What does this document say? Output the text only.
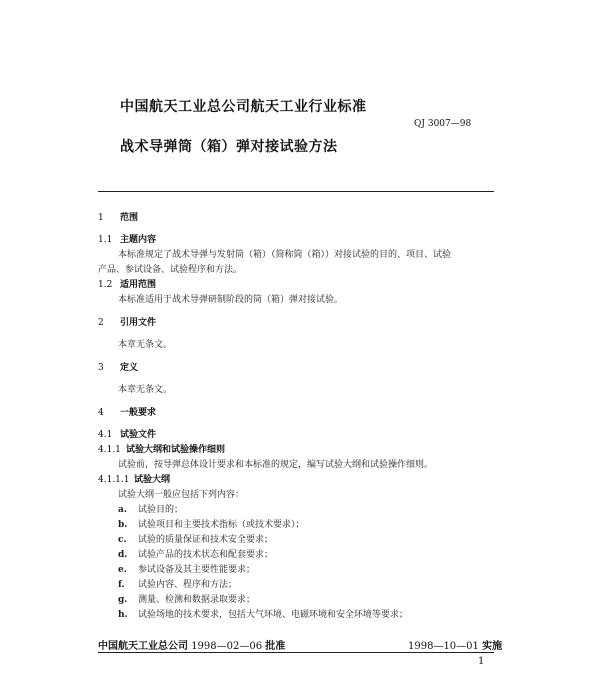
中国航天工业总公司航天工业行业标准
QJ 3007—98
战术导弹筒（箱）弹对接试验方法
1 范围
1.1 主题内容
本标准规定了战术导弹与发射筒（箱）（简称筒（箱））对接试验的目的、项目、试验
产品、参试设备、试验程序和方法。
1.2 适用范围
本标准适用于战术导弹研制阶段的筒（箱）弹对接试验。
2 引用文件
本章无条文。
3 定义
本章无条文。
4 一般要求
4.1 试验文件
4.1.1 试验大纲和试验操作细则
试验前，按导弹总体设计要求和本标准的规定，编写试验大纲和试验操作细则。
4.1.1.1 试验大纲
试验大纲一般应包括下列内容：
a. 试验目的；
b. 试验项目和主要技术指标（或技术要求）；
c. 试验的质量保证和技术安全要求；
d. 试验产品的技术状态和配套要求；
e. 参试设备及其主要性能要求；
f. 试验内容、程序和方法；
g. 测量、检测和数据录取要求；
h. 试验场地的技术要求，包括大气环境、电磁环境和安全环境等要求；
中国航天工业总公司 1998—02—06 批准	1998—10—01 实施
1
